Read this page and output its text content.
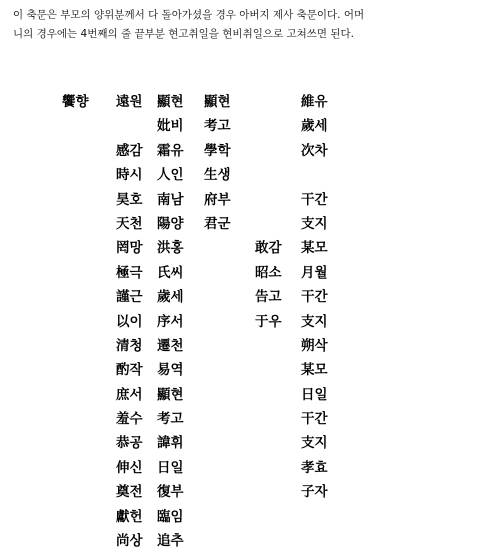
이 축문은 부모의 양위분께서 다 돌아가셨을 경우 아버지 제사 축문이다. 어머
니의 경우에는 4번째의 줄 끝부분 현고취일을 현비취일으로 고쳐쓰면 된다.
饗향 遠원
感감
時시
昊호
天천
罔망
極극
謹근
以이
清청
酌작
庶서
羞수
恭공
伸신
奠전
獻헌
尚상
顯현
妣비
霜유
人인
南남
陽양
洪홍
氏씨
歲세
序서
遷천
易역
顯현
考고
諱휘
日일
復부
臨임
追추
顯현
考고
學학
生생
府부
君군
敢감
昭소
告고
于우
維유
歲세
次차
干간
支지
某모
月월
干간
支지
朔삭
某모
日일
干간
支지
孝효
子자
